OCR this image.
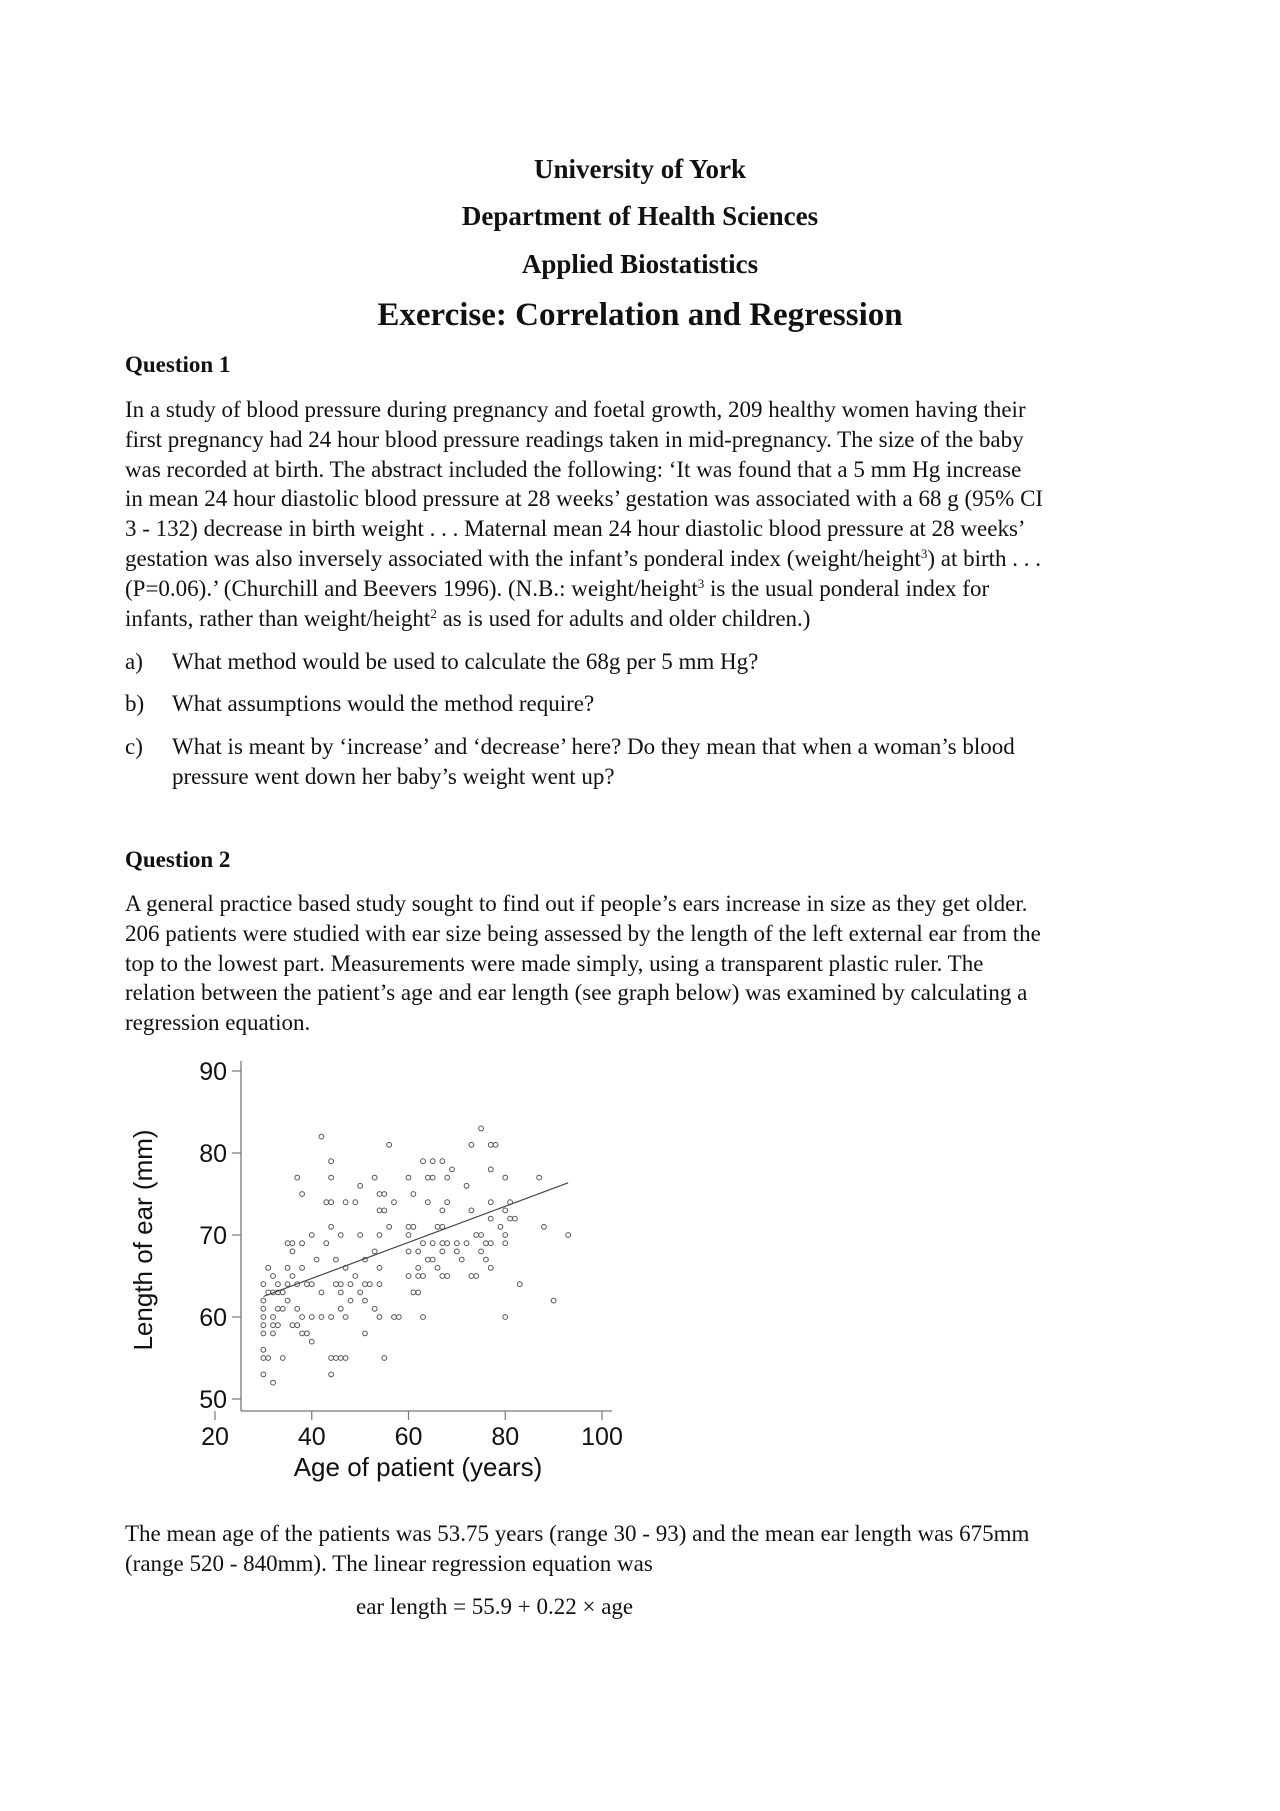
University of York
Department of Health Sciences
Applied Biostatistics
Exercise: Correlation and Regression
Question 1
In a study of blood pressure during pregnancy and foetal growth, 209 healthy women having their
first pregnancy had 24 hour blood pressure readings taken in mid-pregnancy. The size of the baby
was recorded at birth. The abstract included the following: ‘It was found that a 5 mm Hg increase
in mean 24 hour diastolic blood pressure at 28 weeks’ gestation was associated with a 68 g (95% CI
3 - 132) decrease in birth weight . . . Maternal mean 24 hour diastolic blood pressure at 28 weeks’
gestation was also inversely associated with the infant’s ponderal index (weight/height$^3$) at birth . . .
(P=0.06).’ (Churchill and Beevers 1996). (N.B.: weight/height$^3$ is the usual ponderal index for
infants, rather than weight/height$^2$ as is used for adults and older children.)
a) What method would be used to calculate the 68g per 5 mm Hg?
b) What assumptions would the method require?
c) What is meant by ‘increase’ and ‘decrease’ here? Do they mean that when a woman’s blood
pressure went down her baby’s weight went up?
Question 2
A general practice based study sought to find out if people’s ears increase in size as they get older.
206 patients were studied with ear size being assessed by the length of the left external ear from the
top to the lowest part. Measurements were made simply, using a transparent plastic ruler. The
relation between the patient’s age and ear length (see graph below) was examined by calculating a
regression equation.
50
60
70
80
90
20	40	60	80 100
Length of ear (mm)
Age of patient (years)
The mean age of the patients was 53.75 years (range 30 - 93) and the mean ear length was 675mm
(range 520 - 840mm). The linear regression equation was
ear length = 55.9 + 0.22 × age
